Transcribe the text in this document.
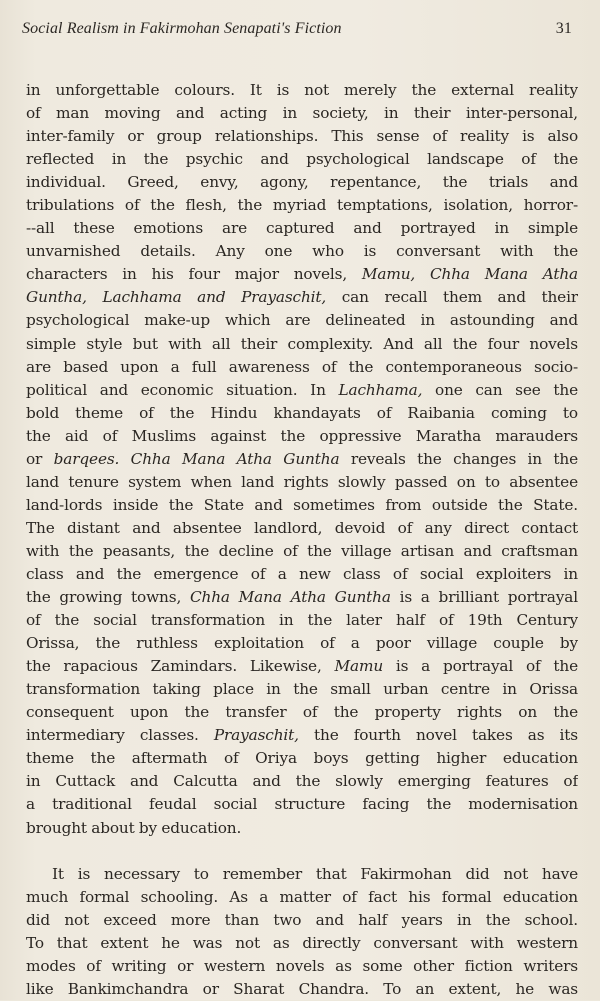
Social Realism in Fakirmohan Senapati's Fiction	31
in unforgettable colours. It is not merely the external reality
of man moving and acting in society, in their inter-personal,
inter-family or group relationships. This sense of reality is also
reflected in the psychic and psychological landscape of the
individual. Greed, envy, agony, repentance, the trials and
tribulations of the flesh, the myriad temptations, isolation, horror-
--all these emotions are captured and portrayed in simple
unvarnished details. Any one who is conversant with the
characters in his four major novels, Mamu, Chha Mana Atha
Guntha, Lachhama and Prayaschit, can recall them and their
psychological make-up which are delineated in astounding and
simple style but with all their complexity. And all the four novels
are based upon a full awareness of the contemporaneous socio-
political and economic situation. In Lachhama, one can see the
bold theme of the Hindu khandayats of Raibania coming to
the aid of Muslims against the oppressive Maratha marauders
or barqees. Chha Mana Atha Guntha reveals the changes in the
land tenure system when land rights slowly passed on to absentee
land-lords inside the State and sometimes from outside the State.
The distant and absentee landlord, devoid of any direct contact
with the peasants, the decline of the village artisan and craftsman
class and the emergence of a new class of social exploiters in
the growing towns, Chha Mana Atha Guntha is a brilliant portrayal
of the social transformation in the later half of 19th Century
Orissa, the ruthless exploitation of a poor village couple by
the rapacious Zamindars. Likewise, Mamu is a portrayal of the
transformation taking place in the small urban centre in Orissa
consequent upon the transfer of the property rights on the
intermediary classes. Prayaschit, the fourth novel takes as its
theme the aftermath of Oriya boys getting higher education
in Cuttack and Calcutta and the slowly emerging features of
a traditional feudal social structure facing the modernisation
brought about by education.
It is necessary to remember that Fakirmohan did not have
much formal schooling. As a matter of fact his formal education
did not exceed more than two and half years in the school.
To that extent he was not as directly conversant with western
modes of writing or western novels as some other fiction writers
like Bankimchandra or Sharat Chandra. To an extent, he was
